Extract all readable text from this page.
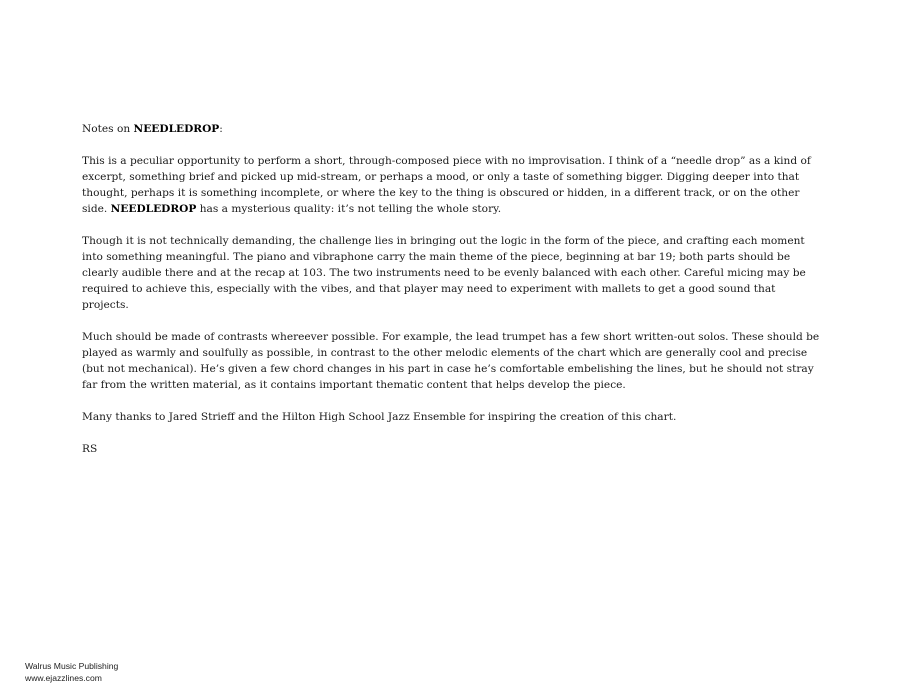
Notes on NEEDLEDROP:

This is a peculiar opportunity to perform a short, through-composed piece with no improvisation. I think of a “needle drop” as a kind of excerpt, something brief and picked up mid-stream, or perhaps a mood, or only a taste of something bigger. Digging deeper into that thought, perhaps it is something incomplete, or where the key to the thing is obscured or hidden, in a different track, or on the other side. NEEDLEDROP has a mysterious quality: it’s not telling the whole story.

Though it is not technically demanding, the challenge lies in bringing out the logic in the form of the piece, and crafting each moment into something meaningful. The piano and vibraphone carry the main theme of the piece, beginning at bar 19; both parts should be clearly audible there and at the recap at 103. The two instruments need to be evenly balanced with each other. Careful micing may be required to achieve this, especially with the vibes, and that player may need to experiment with mallets to get a good sound that projects.

Much should be made of contrasts whereever possible. For example, the lead trumpet has a few short written-out solos. These should be played as warmly and soulfully as possible, in contrast to the other melodic elements of the chart which are generally cool and precise (but not mechanical). He’s given a few chord changes in his part in case he’s comfortable embelishing the lines, but he should not stray far from the written material, as it contains important thematic content that helps develop the piece.

Many thanks to Jared Strieff and the Hilton High School Jazz Ensemble for inspiring the creation of this chart.

RS

Walrus Music Publishing
www.ejazzlines.com
